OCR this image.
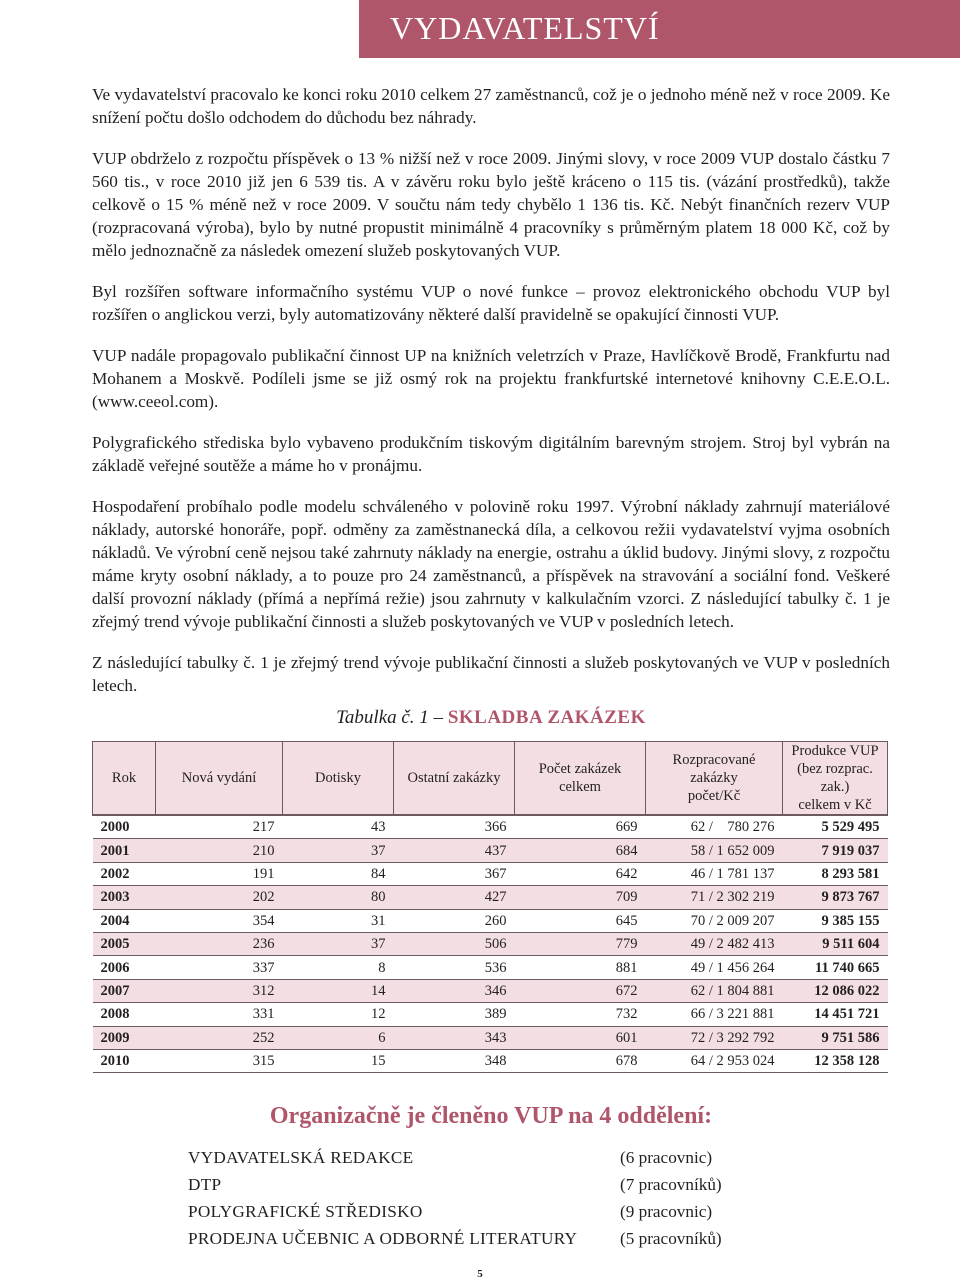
VYDAVATELSTVÍ

Ve vydavatelství pracovalo ke konci roku 2010 celkem 27 zaměstnanců, což je o jednoho méně než v roce 2009. Ke snížení počtu došlo odchodem do důchodu bez náhrady.

VUP obdrželo z rozpočtu příspěvek o 13 % nižší než v roce 2009. Jinými slovy, v roce 2009 VUP dostalo částku 7 560 tis., v roce 2010 již jen 6 539 tis. A v závěru roku bylo ještě kráceno o 115 tis. (vázání prostředků), takže celkově o 15 % méně než v roce 2009. V součtu nám tedy chybělo 1 136 tis. Kč. Nebýt finančních rezerv VUP (rozpracovaná výroba), bylo by nutné propustit minimálně 4 pracovníky s průměrným platem 18 000 Kč, což by mělo jednoznačně za následek omezení služeb poskytovaných VUP.

Byl rozšířen software informačního systému VUP o nové funkce – provoz elektronického obchodu VUP byl rozšířen o anglickou verzi, byly automatizovány některé další pravidelně se opakující činnosti VUP.

VUP nadále propagovalo publikační činnost UP na knižních veletrzích v Praze, Havlíčkově Brodě, Frankfurtu nad Mohanem a Moskvě. Podíleli jsme se již osmý rok na projektu frankfurtské internetové knihovny C.E.E.O.L. (www.ceeol.com).

Polygrafického střediska bylo vybaveno produkčním tiskovým digitálním barevným strojem. Stroj byl vybrán na základě veřejné soutěže a máme ho v pronájmu.

Hospodaření probíhalo podle modelu schváleného v polovině roku 1997. Výrobní náklady zahrnují materiálové náklady, autorské honoráře, popř. odměny za zaměstnanecká díla, a celkovou režii vydavatelství vyjma osobních nákladů. Ve výrobní ceně nejsou také zahrnuty náklady na energie, ostrahu a úklid budovy. Jinými slovy, z rozpočtu máme kryty osobní náklady, a to pouze pro 24 zaměstnanců, a příspěvek na stravování a sociální fond. Veškeré další provozní náklady (přímá a nepřímá režie) jsou zahrnuty v kalkulačním vzorci. Z následující tabulky č. 1 je zřejmý trend vývoje publikační činnosti a služeb poskytovaných ve VUP v posledních letech.

Z následující tabulky č. 1 je zřejmý trend vývoje publikační činnosti a služeb poskytovaných ve VUP v posledních letech.

Tabulka č. 1 – SKLADBA ZAKÁZEK
Rok	Nová vydání	Dotisky	Ostatní zakázky	Počet zakázek
celkem	Rozpracované
zakázky
počet/Kč	Produkce VUP
(bez rozprac. zak.)
celkem v Kč
2000	217	43	366	669	62 /    780 276	5 529 495
2001	210	37	437	684	58 / 1 652 009	7 919 037
2002	191	84	367	642	46 / 1 781 137	8 293 581
2003	202	80	427	709	71 / 2 302 219	9 873 767
2004	354	31	260	645	70 / 2 009 207	9 385 155
2005	236	37	506	779	49 / 2 482 413	9 511 604
2006	337	8	536	881	49 / 1 456 264	11 740 665
2007	312	14	346	672	62 / 1 804 881	12 086 022
2008	331	12	389	732	66 / 3 221 881	14 451 721
2009	252	6	343	601	72 / 3 292 792	9 751 586
2010	315	15	348	678	64 / 2 953 024	12 358 128
Organizačně je členěno VUP na 4 oddělení:
VYDAVATELSKÁ REDAKCE	(6 pracovnic)
DTP	(7 pracovníků)
POLYGRAFICKÉ STŘEDISKO	(9 pracovnic)
PRODEJNA UČEBNIC A ODBORNÉ LITERATURY	(5 pracovníků)
5
